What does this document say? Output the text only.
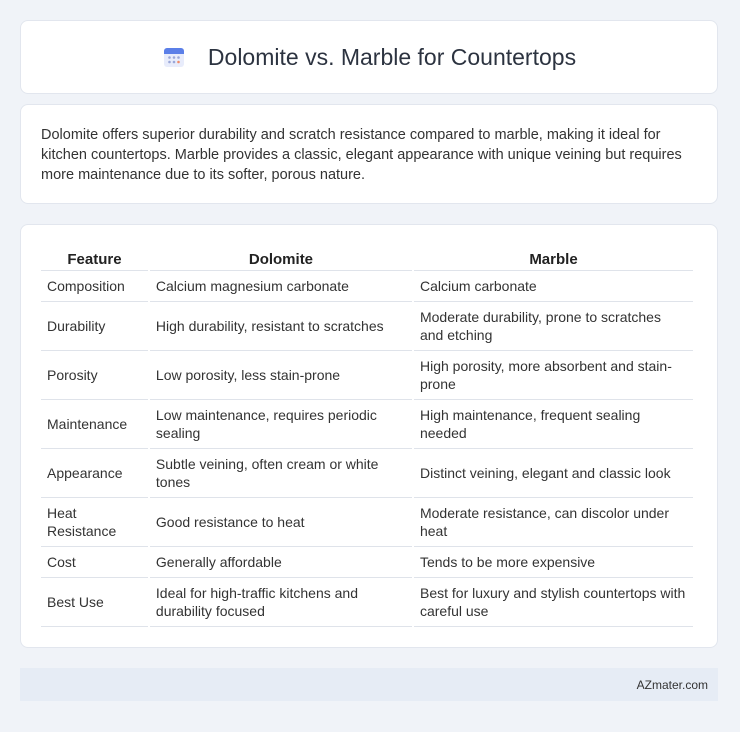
Dolomite vs. Marble for Countertops

Dolomite offers superior durability and scratch resistance compared to marble, making it ideal for kitchen countertops. Marble provides a classic, elegant appearance with unique veining but requires more maintenance due to its softer, porous nature.

Feature	Dolomite	Marble
Composition	Calcium magnesium carbonate	Calcium carbonate
Durability	High durability, resistant to scratches	Moderate durability, prone to scratches and etching
Porosity	Low porosity, less stain-prone	High porosity, more absorbent and stain-prone
Maintenance	Low maintenance, requires periodic sealing	High maintenance, frequent sealing needed
Appearance	Subtle veining, often cream or white tones	Distinct veining, elegant and classic look
Heat Resistance	Good resistance to heat	Moderate resistance, can discolor under heat
Cost	Generally affordable	Tends to be more expensive
Best Use	Ideal for high-traffic kitchens and durability focused	Best for luxury and stylish countertops with careful use
AZmater.com
